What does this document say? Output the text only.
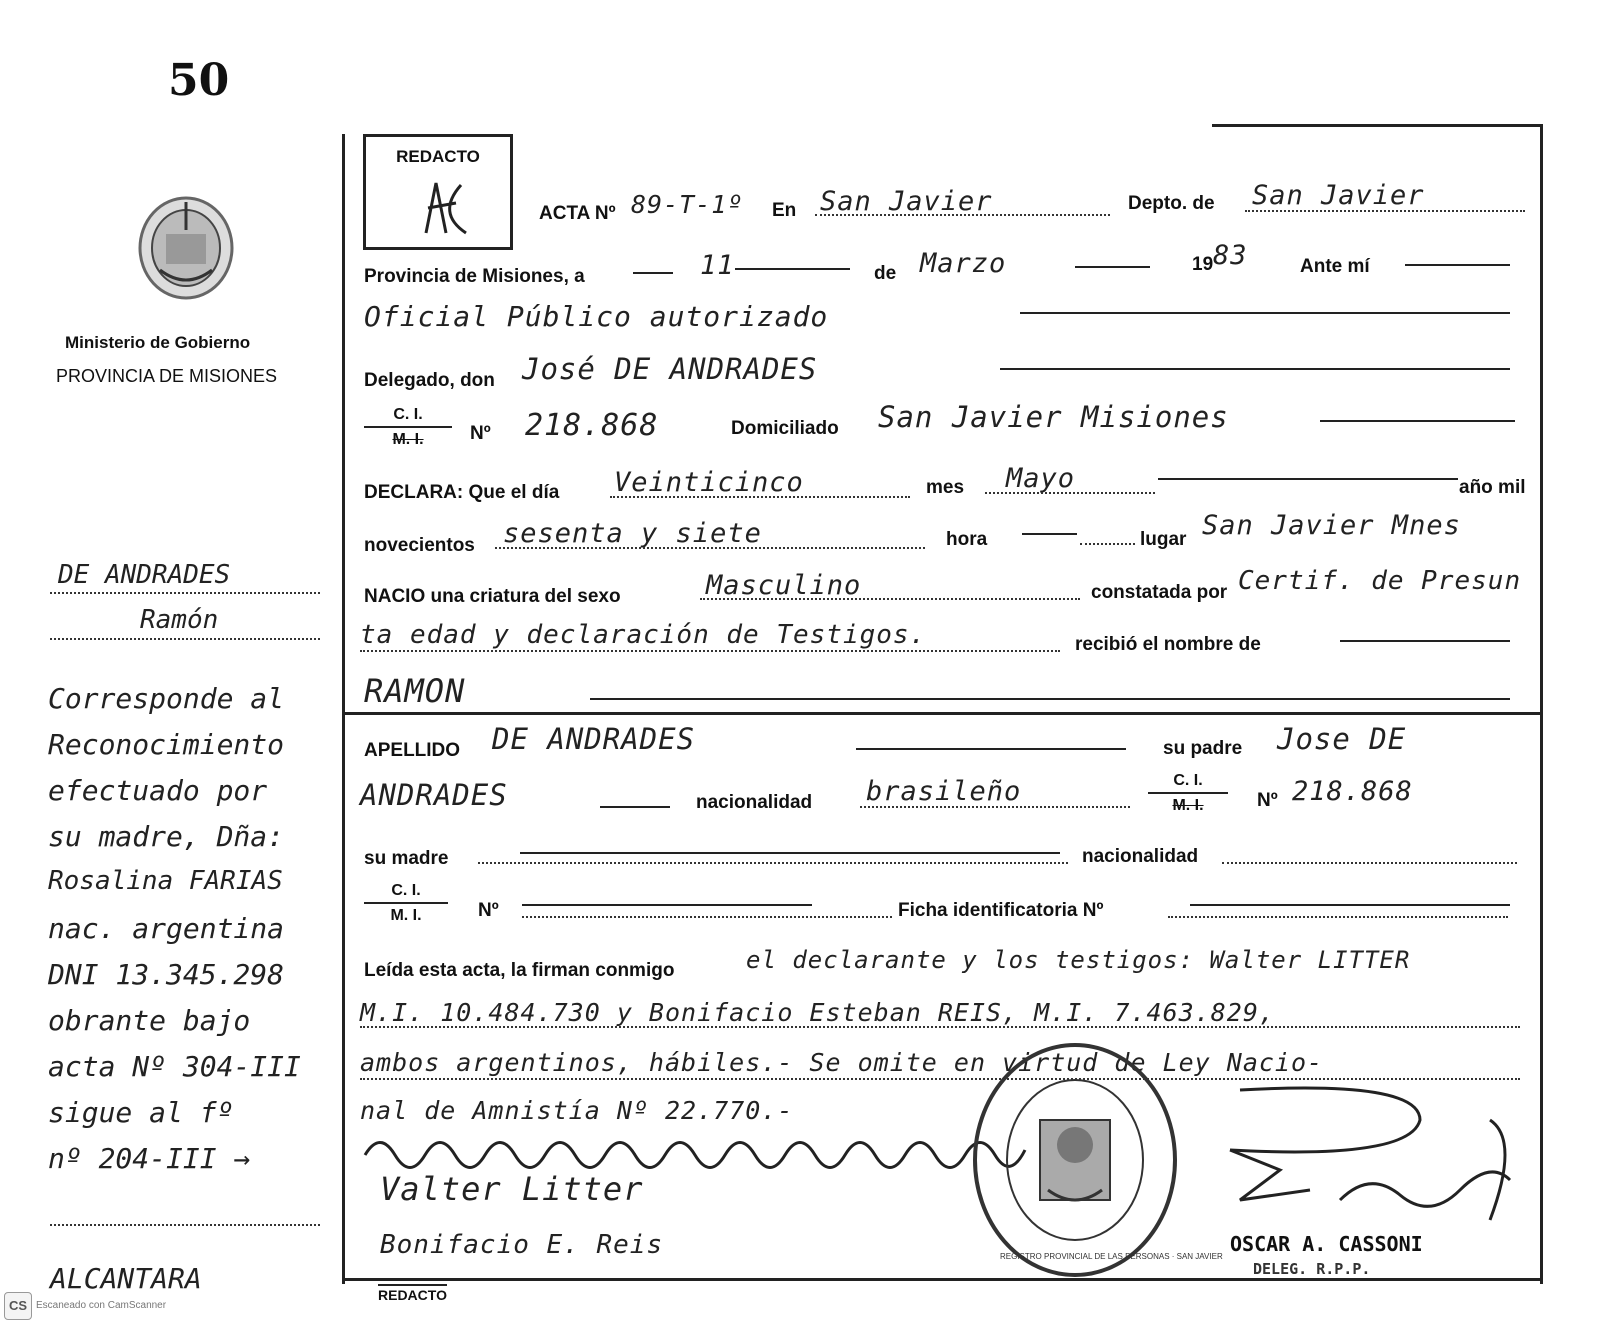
50
Ministerio de Gobierno
PROVINCIA DE MISIONES
DE ANDRADES
Ramón
Corresponde al
Reconocimiento
efectuado por
su madre, Dña:
Rosalina FARIAS
nac. argentina
DNI 13.345.298
obrante bajo
acta Nº 304-III
sigue al fº
nº 204-III →
ALCANTARA
REDACTO
ACTA Nº 89-T-1º En San Javier	Depto. de San Javier
Provincia de Misiones, a	11	de Marzo	19 83	Ante mí
Oficial Público autorizado
Delegado, don José DE ANDRADES
$\frac{C. I.}{M. I.}$ Nº 218.868	Domiciliado San Javier Misiones
DECLARA: Que el día Veinticinco	mes Mayo	año mil
novecientos sesenta y siete	hora	lugar San Javier Mnes
NACIO una criatura del sexo	Masculino	constatada por Certif. de Presun
ta edad y declaración de Testigos.	recibió el nombre de
RAMON
APELLIDO DE ANDRADES	su padre Jose DE
ANDRADES	nacionalidad brasileño	$\frac{C. I.}{M. I.}$ Nº 218.868
su madre	nacionalidad
$\frac{C. I.}{M. I.}$ Nº	Ficha identificatoria Nº
Leída esta acta, la firman conmigo	el declarante y los testigos: Walter LITTER
M.I. 10.484.730 y Bonifacio Esteban REIS, M.I. 7.463.829,
ambos argentinos, hábiles.- Se omite en virtud de Ley Nacio-
nal de Amnistía Nº 22.770.-
Valter Litter
Bonifacio E. Reis	REGISTRO PROVINCIAL DE LAS PERSONAS · SAN JAVIER
OSCAR A. CASSONI
DELEG. R.P.P.
REDACTO
CS Escaneado con CamScanner
